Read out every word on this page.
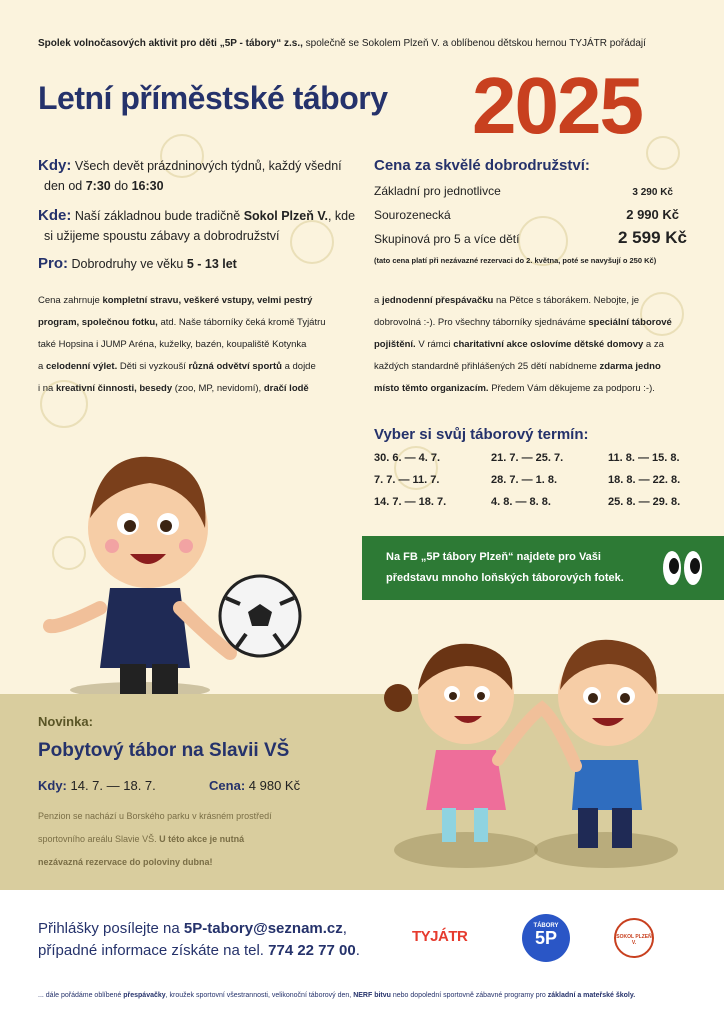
Spolek volnočasových aktivit pro děti „5P - tábory“ z.s., společně se Sokolem Plzeň V. a oblíbenou dětskou hernou TYJÁTR pořádají
Letní příměstské tábory 2025
Kdy: Všech devět prázdninových týdnů, každý všední
den od 7:30 do 16:30
Kde: Naší základnou bude tradičně Sokol Plzeň V., kde
si užijeme spoustu zábavy a dobrodružství
Pro: Dobrodruhy ve věku 5 - 13 let
Cena za skvělé dobrodružství:
Základní pro jednotlivce	3 290 Kč
Sourozenecká	2 990 Kč
Skupinová pro 5 a více dětí	2 599 Kč
(tato cena platí při nezávazné rezervaci do 2. května, poté se navyšují o 250 Kč)
Cena zahrnuje kompletní stravu, veškeré vstupy, velmi pestrý
program, společnou fotku, atd. Naše táborníky čeká kromě Tyjátru
také Hopsina i JUMP Aréna, kuželky, bazén, koupaliště Kotynka
a celodenní výlet. Děti si vyzkouší různá odvětví sportů a dojde
i na kreativní činnosti, besedy (zoo, MP, nevidomí), dračí lodě
a jednodenní přespávačku na Pětce s táborákem. Nebojte, je
dobrovolná :-). Pro všechny táborníky sjednáváme speciální táborové
pojištění. V rámci charitativní akce oslovíme dětské domovy a za
každých standardně přihlášených 25 dětí nabídneme zdarma jedno
místo těmto organizacím. Předem Vám děkujeme za podporu :-).
Vyber si svůj táborový termín:
30. 6. — 4. 7.	21. 7. — 25. 7.	11. 8. — 15. 8.
7. 7. — 11. 7.	28. 7. — 1. 8.	18. 8. — 22. 8.
14. 7. — 18. 7.	4. 8. — 8. 8.	25. 8. — 29. 8.
Na FB „5P tábory Plzeň“ najdete pro Vaši
představu mnoho loňských táborových fotek.
Novinka:
Pobytový tábor na Slavii VŠ
Kdy: 14. 7. — 18. 7.	Cena: 4 980 Kč
Penzion se nachází u Borského parku v krásném prostředí
sportovního areálu Slavie VŠ. U této akce je nutná
nezávazná rezervace do poloviny dubna!
Přihlášky posílejte na 5P-tabory@seznam.cz,
případné informace získáte na tel. 774 22 77 00.
TYJÁTR
TÁBORY
5P	SOKOL PLZEŇ V.
... dále pořádáme oblíbené přespávačky, kroužek sportovní všestrannosti, velikonoční táborový den, NERF bitvu nebo dopolední sportovně zábavné programy pro základní a mateřské školy.
